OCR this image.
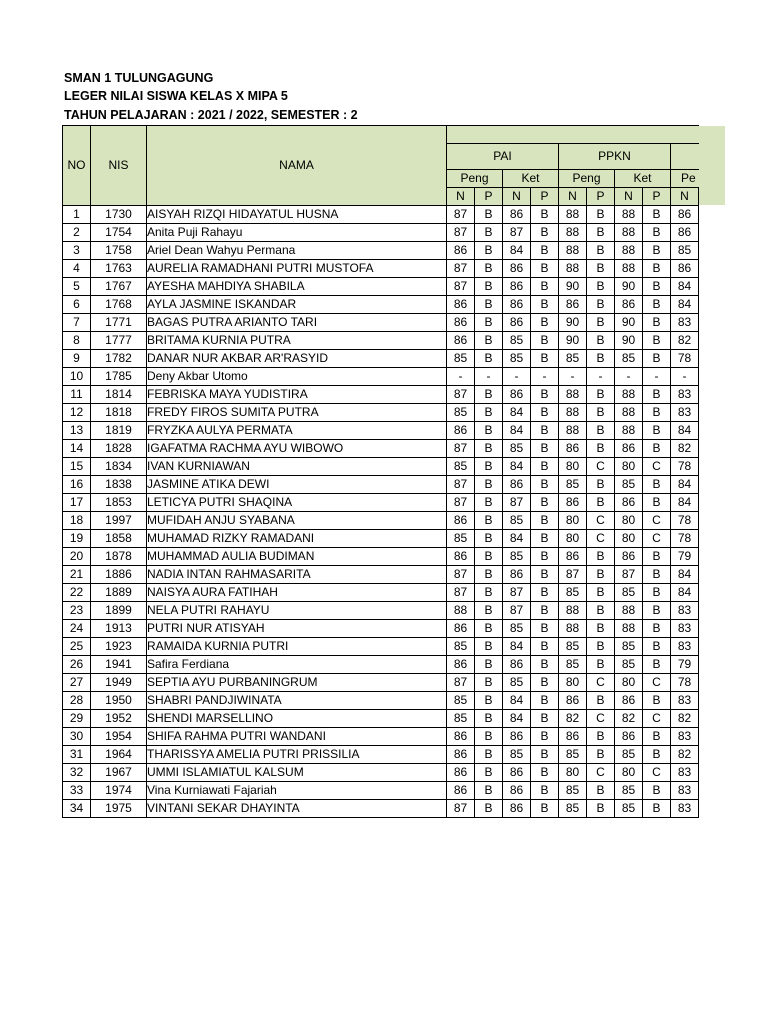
SMAN 1 TULUNGAGUNG
LEGER NILAI SISWA KELAS X MIPA 5
TAHUN PELAJARAN : 2021 / 2022, SEMESTER : 2
NO	NIS	NAMA									
			PAI				PPKN				
			Peng		Ket		Peng		Ket		Pe
			N	P	N	P	N	P	N	P	N
1	1730	AISYAH RIZQI HIDAYATUL HUSNA	87	B	86	B	88	B	88	B	86
2	1754	Anita Puji Rahayu	87	B	87	B	88	B	88	B	86
3	1758	Ariel Dean Wahyu Permana	86	B	84	B	88	B	88	B	85
4	1763	AURELIA RAMADHANI PUTRI MUSTOFA	87	B	86	B	88	B	88	B	86
5	1767	AYESHA MAHDIYA SHABILA	87	B	86	B	90	B	90	B	84
6	1768	AYLA JASMINE ISKANDAR	86	B	86	B	86	B	86	B	84
7	1771	BAGAS PUTRA ARIANTO TARI	86	B	86	B	90	B	90	B	83
8	1777	BRITAMA KURNIA PUTRA	86	B	85	B	90	B	90	B	82
9	1782	DANAR NUR AKBAR AR'RASYID	85	B	85	B	85	B	85	B	78
10	1785	Deny Akbar Utomo	-	-	-	-	-	-	-	-	-
11	1814	FEBRISKA MAYA YUDISTIRA	87	B	86	B	88	B	88	B	83
12	1818	FREDY FIROS SUMITA PUTRA	85	B	84	B	88	B	88	B	83
13	1819	FRYZKA AULYA PERMATA	86	B	84	B	88	B	88	B	84
14	1828	IGAFATMA RACHMA AYU WIBOWO	87	B	85	B	86	B	86	B	82
15	1834	IVAN KURNIAWAN	85	B	84	B	80	C	80	C	78
16	1838	JASMINE ATIKA DEWI	87	B	86	B	85	B	85	B	84
17	1853	LETICYA PUTRI SHAQINA	87	B	87	B	86	B	86	B	84
18	1997	MUFIDAH ANJU SYABANA	86	B	85	B	80	C	80	C	78
19	1858	MUHAMAD RIZKY RAMADANI	85	B	84	B	80	C	80	C	78
20	1878	MUHAMMAD AULIA BUDIMAN	86	B	85	B	86	B	86	B	79
21	1886	NADIA INTAN RAHMASARITA	87	B	86	B	87	B	87	B	84
22	1889	NAISYA AURA FATIHAH	87	B	87	B	85	B	85	B	84
23	1899	NELA PUTRI RAHAYU	88	B	87	B	88	B	88	B	83
24	1913	PUTRI NUR ATISYAH	86	B	85	B	88	B	88	B	83
25	1923	RAMAIDA KURNIA PUTRI	85	B	84	B	85	B	85	B	83
26	1941	Safira Ferdiana	86	B	86	B	85	B	85	B	79
27	1949	SEPTIA AYU PURBANINGRUM	87	B	85	B	80	C	80	C	78
28	1950	SHABRI PANDJIWINATA	85	B	84	B	86	B	86	B	83
29	1952	SHENDI MARSELLINO	85	B	84	B	82	C	82	C	82
30	1954	SHIFA RAHMA PUTRI WANDANI	86	B	86	B	86	B	86	B	83
31	1964	THARISSYA AMELIA PUTRI PRISSILIA	86	B	85	B	85	B	85	B	82
32	1967	UMMI ISLAMIATUL KALSUM	86	B	86	B	80	C	80	C	83
33	1974	Vina Kurniawati Fajariah	86	B	86	B	85	B	85	B	83
34	1975	VINTANI SEKAR DHAYINTA	87	B	86	B	85	B	85	B	83
